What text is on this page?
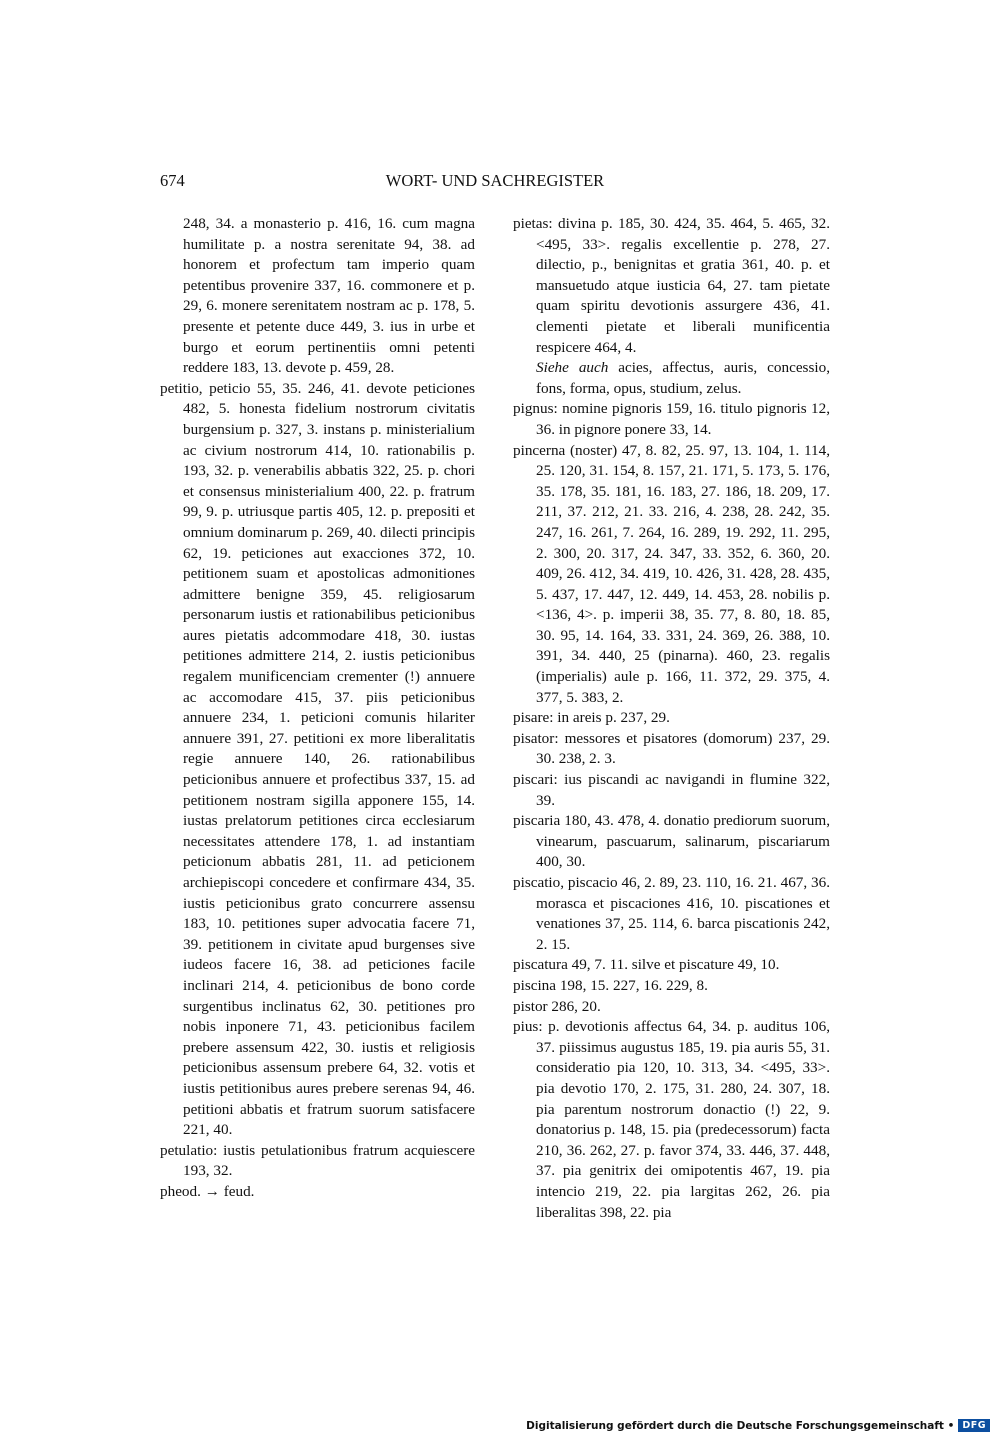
674	WORT- UND SACHREGISTER

248, 34. a monasterio p. 416, 16. cum magna humilitate p. a nostra serenitate 94, 38. ad honorem et profectum tam imperio quam petentibus provenire 337, 16. commonere et p. 29, 6. monere serenitatem nostram ac p. 178, 5. presente et petente duce 449, 3. ius in urbe et burgo et eorum pertinentiis omni petenti reddere 183, 13. devote p. 459, 28.

petitio, peticio 55, 35. 246, 41. devote peticiones 482, 5. honesta fidelium nostrorum civitatis burgensium p. 327, 3. instans p. ministerialium ac civium nostrorum 414, 10. rationabilis p. 193, 32. p. venerabilis abbatis 322, 25. p. chori et consensus ministerialium 400, 22. p. fratrum 99, 9. p. utriusque partis 405, 12. p. prepositi et omnium dominarum p. 269, 40. dilecti principis 62, 19. peticiones aut exacciones 372, 10. petitionem suam et apostolicas admonitiones admittere benigne 359, 45. religiosarum personarum iustis et rationabilibus peticionibus aures pietatis adcommodare 418, 30. iustas petitiones admittere 214, 2. iustis peticionibus regalem munificenciam crementer (!) annuere ac accomodare 415, 37. piis peticionibus annuere 234, 1. peticioni comunis hilariter annuere 391, 27. petitioni ex more liberalitatis regie annuere 140, 26. rationabilibus peticionibus annuere et profectibus 337, 15. ad petitionem nostram sigilla apponere 155, 14. iustas prelatorum petitiones circa ecclesiarum necessitates attendere 178, 1. ad instantiam peticionum abbatis 281, 11. ad peticionem archiepiscopi concedere et confirmare 434, 35. iustis peticionibus grato concurrere assensu 183, 10. petitiones super advocatia facere 71, 39. petitionem in civitate apud burgenses sive iudeos facere 16, 38. ad peticiones facile inclinari 214, 4. peticionibus de bono corde surgentibus inclinatus 62, 30. petitiones pro nobis inponere 71, 43. peticionibus facilem prebere assensum 422, 30. iustis et religiosis peticionibus assensum prebere 64, 32. votis et iustis petitionibus aures prebere serenas 94, 46. petitioni abbatis et fratrum suorum satisfacere 221, 40.

petulatio: iustis petulationibus fratrum acquiescere 193, 32.

pheod. → feud.

pietas: divina p. 185, 30. 424, 35. 464, 5. 465, 32. <495, 33>. regalis excellentie p. 278, 27. dilectio, p., benignitas et gratia 361, 40. p. et mansuetudo atque iusticia 64, 27. tam pietate quam spiritu devotionis assurgere 436, 41. clementi pietate et liberali munificentia respicere 464, 4.

Siehe auch acies, affectus, auris, concessio, fons, forma, opus, studium, zelus.

pignus: nomine pignoris 159, 16. titulo pignoris 12, 36. in pignore ponere 33, 14.

pincerna (noster) 47, 8. 82, 25. 97, 13. 104, 1. 114, 25. 120, 31. 154, 8. 157, 21. 171, 5. 173, 5. 176, 35. 178, 35. 181, 16. 183, 27. 186, 18. 209, 17. 211, 37. 212, 21. 33. 216, 4. 238, 28. 242, 35. 247, 16. 261, 7. 264, 16. 289, 19. 292, 11. 295, 2. 300, 20. 317, 24. 347, 33. 352, 6. 360, 20. 409, 26. 412, 34. 419, 10. 426, 31. 428, 28. 435, 5. 437, 17. 447, 12. 449, 14. 453, 28. nobilis p. <136, 4>. p. imperii 38, 35. 77, 8. 80, 18. 85, 30. 95, 14. 164, 33. 331, 24. 369, 26. 388, 10. 391, 34. 440, 25 (pinarna). 460, 23. regalis (imperialis) aule p. 166, 11. 372, 29. 375, 4. 377, 5. 383, 2.

pisare: in areis p. 237, 29.

pisator: messores et pisatores (domorum) 237, 29. 30. 238, 2. 3.

piscari: ius piscandi ac navigandi in flumine 322, 39.

piscaria 180, 43. 478, 4. donatio prediorum suorum, vinearum, pascuarum, salinarum, piscariarum 400, 30.

piscatio, piscacio 46, 2. 89, 23. 110, 16. 21. 467, 36. morasca et piscaciones 416, 10. piscationes et venationes 37, 25. 114, 6. barca piscationis 242, 2. 15.

piscatura 49, 7. 11. silve et piscature 49, 10.

piscina 198, 15. 227, 16. 229, 8.

pistor 286, 20.

pius: p. devotionis affectus 64, 34. p. auditus 106, 37. piissimus augustus 185, 19. pia auris 55, 31. consideratio pia 120, 10. 313, 34. <495, 33>. pia devotio 170, 2. 175, 31. 280, 24. 307, 18. pia parentum nostrorum donactio (!) 22, 9. donatorius p. 148, 15. pia (predecessorum) facta 210, 36. 262, 27. p. favor 374, 33. 446, 37. 448, 37. pia genitrix dei omipotentis 467, 19. pia intencio 219, 22. pia largitas 262, 26. pia liberalitas 398, 22. pia

Digitalisierung gefördert durch die Deutsche Forschungsgemeinschaft • DFG
